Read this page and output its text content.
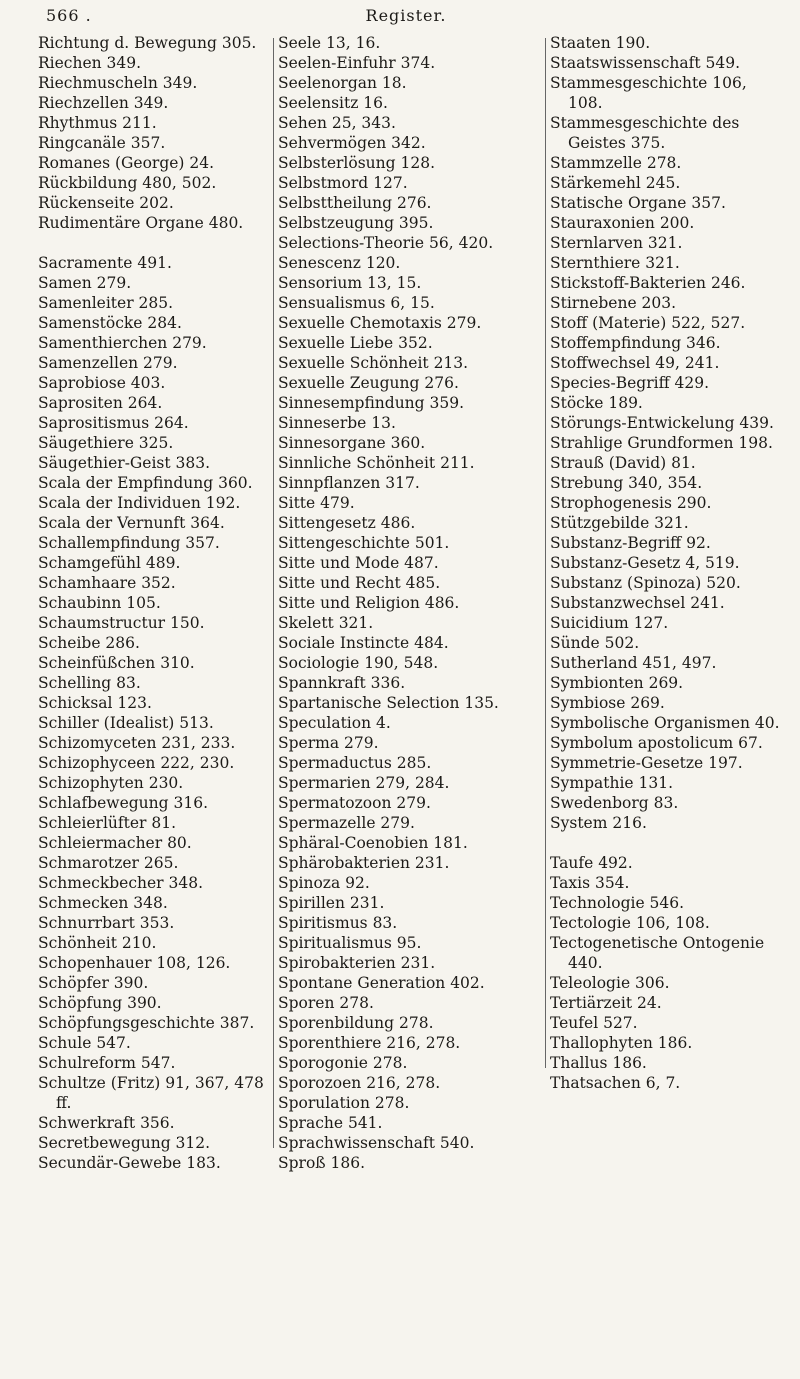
566 .	Register.
Richtung d. Bewegung 305.
Riechen 349.
Riechmuscheln 349.
Riechzellen 349.
Rhythmus 211.
Ringcanäle 357.
Romanes (George) 24.
Rückbildung 480, 502.
Rückenseite 202.
Rudimentäre Organe 480.
Sacramente 491.
Samen 279.
Samenleiter 285.
Samenstöcke 284.
Samenthierchen 279.
Samenzellen 279.
Saprobiose 403.
Saprositen 264.
Saprositismus 264.
Säugethiere 325.
Säugethier-Geist 383.
Scala der Empfindung 360.
Scala der Individuen 192.
Scala der Vernunft 364.
Schallempfindung 357.
Schamgefühl 489.
Schamhaare 352.
Schaubinn 105.
Schaumstructur 150.
Scheibe 286.
Scheinfüßchen 310.
Schelling 83.
Schicksal 123.
Schiller (Idealist) 513.
Schizomyceten 231, 233.
Schizophyceen 222, 230.
Schizophyten 230.
Schlafbewegung 316.
Schleierlüfter 81.
Schleiermacher 80.
Schmarotzer 265.
Schmeckbecher 348.
Schmecken 348.
Schnurrbart 353.
Schönheit 210.
Schopenhauer 108, 126.
Schöpfer 390.
Schöpfung 390.
Schöpfungsgeschichte 387.
Schule 547.
Schulreform 547.
Schultze (Fritz) 91, 367, 478 ff.
Schwerkraft 356.
Secretbewegung 312.
Secundär-Gewebe 183.
Seele 13, 16.
Seelen-Einfuhr 374.
Seelenorgan 18.
Seelensitz 16.
Sehen 25, 343.
Sehvermögen 342.
Selbsterlösung 128.
Selbstmord 127.
Selbsttheilung 276.
Selbstzeugung 395.
Selections-Theorie 56, 420.
Senescenz 120.
Sensorium 13, 15.
Sensualismus 6, 15.
Sexuelle Chemotaxis 279.
Sexuelle Liebe 352.
Sexuelle Schönheit 213.
Sexuelle Zeugung 276.
Sinnesempfindung 359.
Sinneserbe 13.
Sinnesorgane 360.
Sinnliche Schönheit 211.
Sinnpflanzen 317.
Sitte 479.
Sittengesetz 486.
Sittengeschichte 501.
Sitte und Mode 487.
Sitte und Recht 485.
Sitte und Religion 486.
Skelett 321.
Sociale Instincte 484.
Sociologie 190, 548.
Spannkraft 336.
Spartanische Selection 135.
Speculation 4.
Sperma 279.
Spermaductus 285.
Spermarien 279, 284.
Spermatozoon 279.
Spermazelle 279.
Sphäral-Coenobien 181.
Sphärobakterien 231.
Spinoza 92.
Spirillen 231.
Spiritismus 83.
Spiritualismus 95.
Spirobakterien 231.
Spontane Generation 402.
Sporen 278.
Sporenbildung 278.
Sporenthiere 216, 278.
Sporogonie 278.
Sporozoen 216, 278.
Sporulation 278.
Sprache 541.
Sprachwissenschaft 540.
Sproß 186.
Staaten 190.
Staatswissenschaft 549.
Stammesgeschichte 106, 108.
Stammesgeschichte des Geistes 375.
Stammzelle 278.
Stärkemehl 245.
Statische Organe 357.
Stauraxonien 200.
Sternlarven 321.
Sternthiere 321.
Stickstoff-Bakterien 246.
Stirnebene 203.
Stoff (Materie) 522, 527.
Stoffempfindung 346.
Stoffwechsel 49, 241.
Species-Begriff 429.
Stöcke 189.
Störungs-Entwickelung 439.
Strahlige Grundformen 198.
Strauß (David) 81.
Strebung 340, 354.
Strophogenesis 290.
Stützgebilde 321.
Substanz-Begriff 92.
Substanz-Gesetz 4, 519.
Substanz (Spinoza) 520.
Substanzwechsel 241.
Suicidium 127.
Sünde 502.
Sutherland 451, 497.
Symbionten 269.
Symbiose 269.
Symbolische Organismen 40.
Symbolum apostolicum 67.
Symmetrie-Gesetze 197.
Sympathie 131.
Swedenborg 83.
System 216.
Taufe 492.
Taxis 354.
Technologie 546.
Tectologie 106, 108.
Tectogenetische Ontogenie 440.
Teleologie 306.
Tertiärzeit 24.
Teufel 527.
Thallophyten 186.
Thallus 186.
Thatsachen 6, 7.
